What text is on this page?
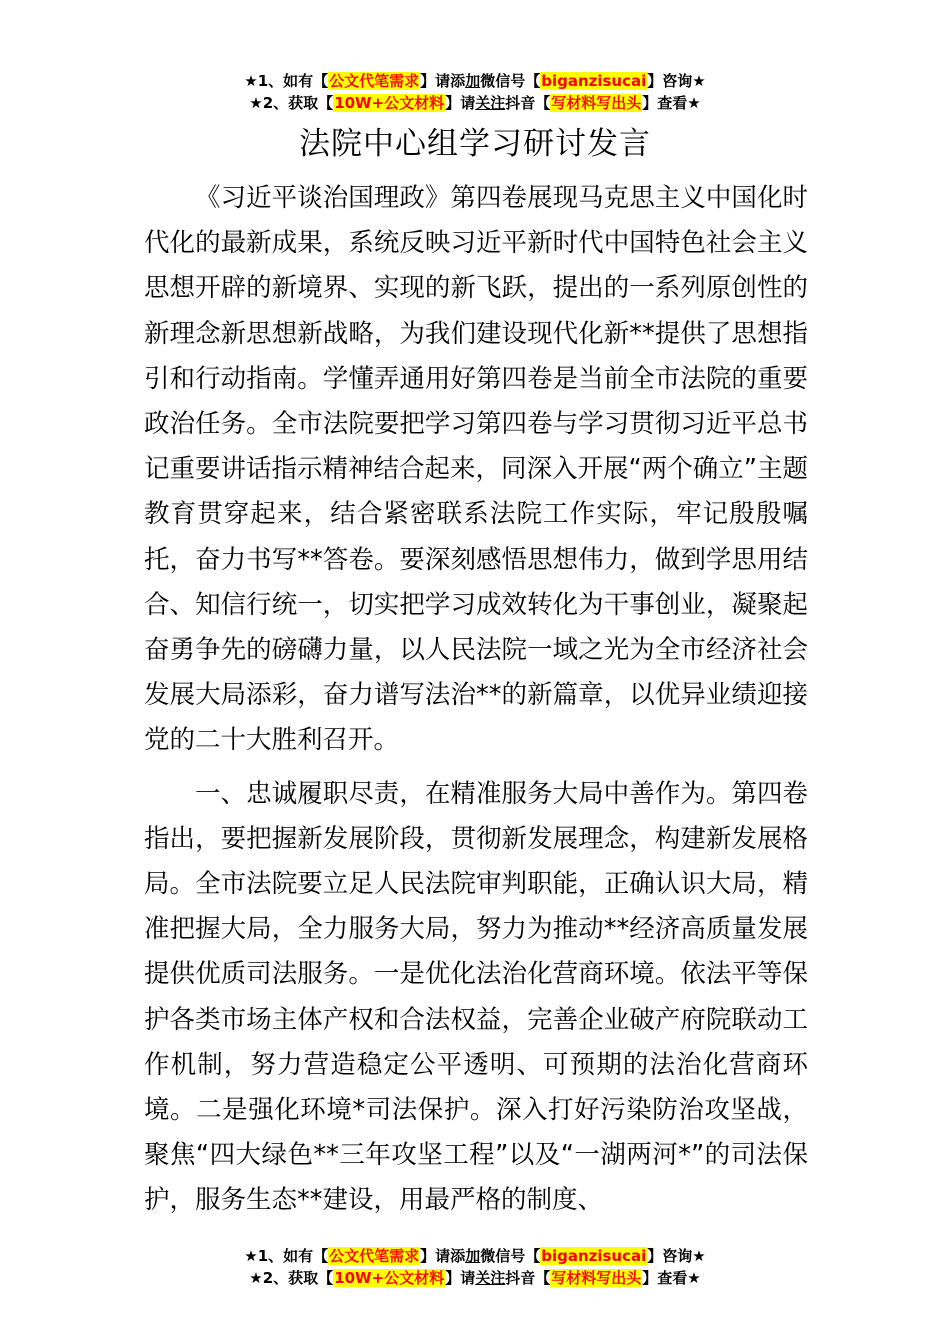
★1、如有【公文代笔需求】请添加微信号【biganzisucai】咨询★
★2、获取【10W+公文材料】请关注抖音【写材料写出头】查看★
法院中心组学习研讨发言

《习近平谈治国理政》第四卷展现马克思主义中国化时代化的最新成果，系统反映习近平新时代中国特色社会主义思想开辟的新境界、实现的新飞跃，提出的一系列原创性的新理念新思想新战略，为我们建设现代化新**提供了思想指引和行动指南。学懂弄通用好第四卷是当前全市法院的重要政治任务。全市法院要把学习第四卷与学习贯彻习近平总书记重要讲话指示精神结合起来，同深入开展“两个确立”主题教育贯穿起来，结合紧密联系法院工作实际，牢记殷殷嘱托，奋力书写**答卷。要深刻感悟思想伟力，做到学思用结合、知信行统一，切实把学习成效转化为干事创业，凝聚起奋勇争先的磅礴力量，以人民法院一域之光为全市经济社会发展大局添彩，奋力谱写法治**的新篇章，以优异业绩迎接党的二十大胜利召开。

一、忠诚履职尽责，在精准服务大局中善作为。第四卷指出，要把握新发展阶段，贯彻新发展理念，构建新发展格局。全市法院要立足人民法院审判职能，正确认识大局，精准把握大局，全力服务大局，努力为推动**经济高质量发展提供优质司法服务。一是优化法治化营商环境。依法平等保护各类市场主体产权和合法权益，完善企业破产府院联动工作机制，努力营造稳定公平透明、可预期的法治化营商环境。二是强化环境*司法保护。深入打好污染防治攻坚战，聚焦“四大绿色**三年攻坚工程”以及“一湖两河*”的司法保护，服务生态**建设，用最严格的制度、

★1、如有【公文代笔需求】请添加微信号【biganzisucai】咨询★
★2、获取【10W+公文材料】请关注抖音【写材料写出头】查看★
